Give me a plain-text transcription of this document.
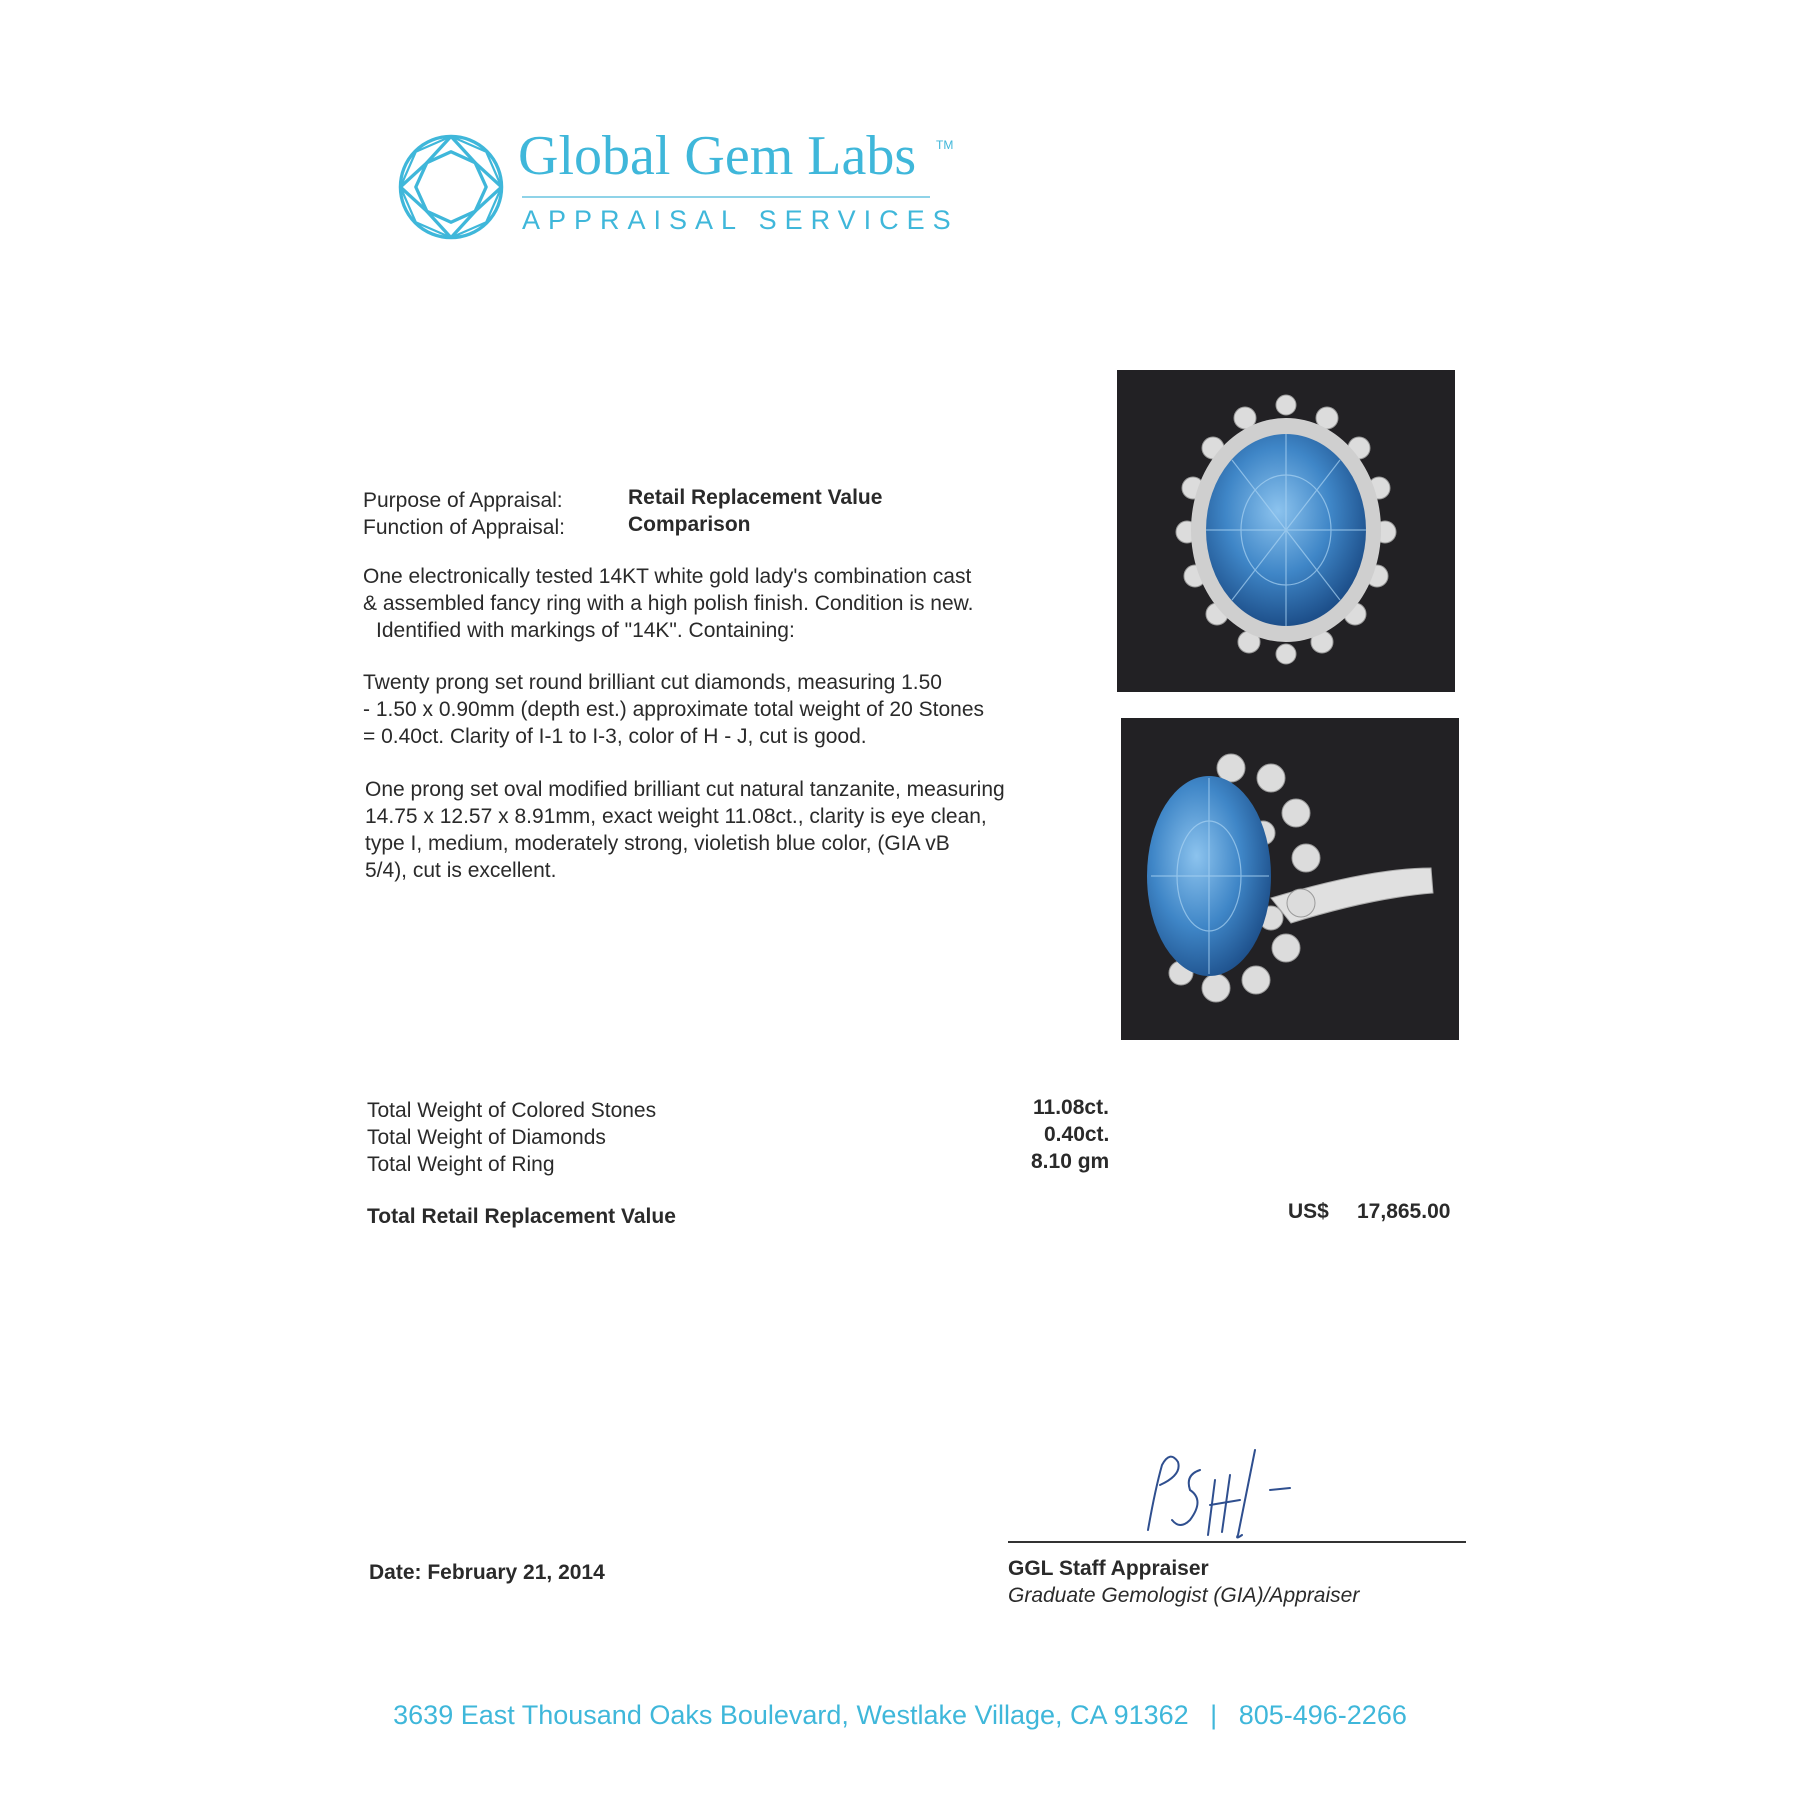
Global Gem Labs TM
APPRAISAL SERVICES
Purpose of Appraisal:	Retail Replacement Value
Function of Appraisal:	Comparison
One electronically tested 14KT white gold lady's combination cast
& assembled fancy ring with a high polish finish. Condition is new.
Identified with markings of "14K". Containing:
Twenty prong set round brilliant cut diamonds, measuring 1.50
- 1.50 x 0.90mm (depth est.) approximate total weight of 20 Stones
= 0.40ct. Clarity of I-1 to I-3, color of H - J, cut is good.
One prong set oval modified brilliant cut natural tanzanite, measuring
14.75 x 12.57 x 8.91mm, exact weight 11.08ct., clarity is eye clean,
type I, medium, moderately strong, violetish blue color, (GIA vB
5/4), cut is excellent.
Total Weight of Colored Stones	11.08ct.
Total Weight of Diamonds	0.40ct.
Total Weight of Ring	8.10 gm
Total Retail Replacement Value	US$ 17,865.00
Date: February 21, 2014	GGL Staff Appraiser
Graduate Gemologist (GIA)/Appraiser
3639 East Thousand Oaks Boulevard, Westlake Village, CA 91362 | 805-496-2266
